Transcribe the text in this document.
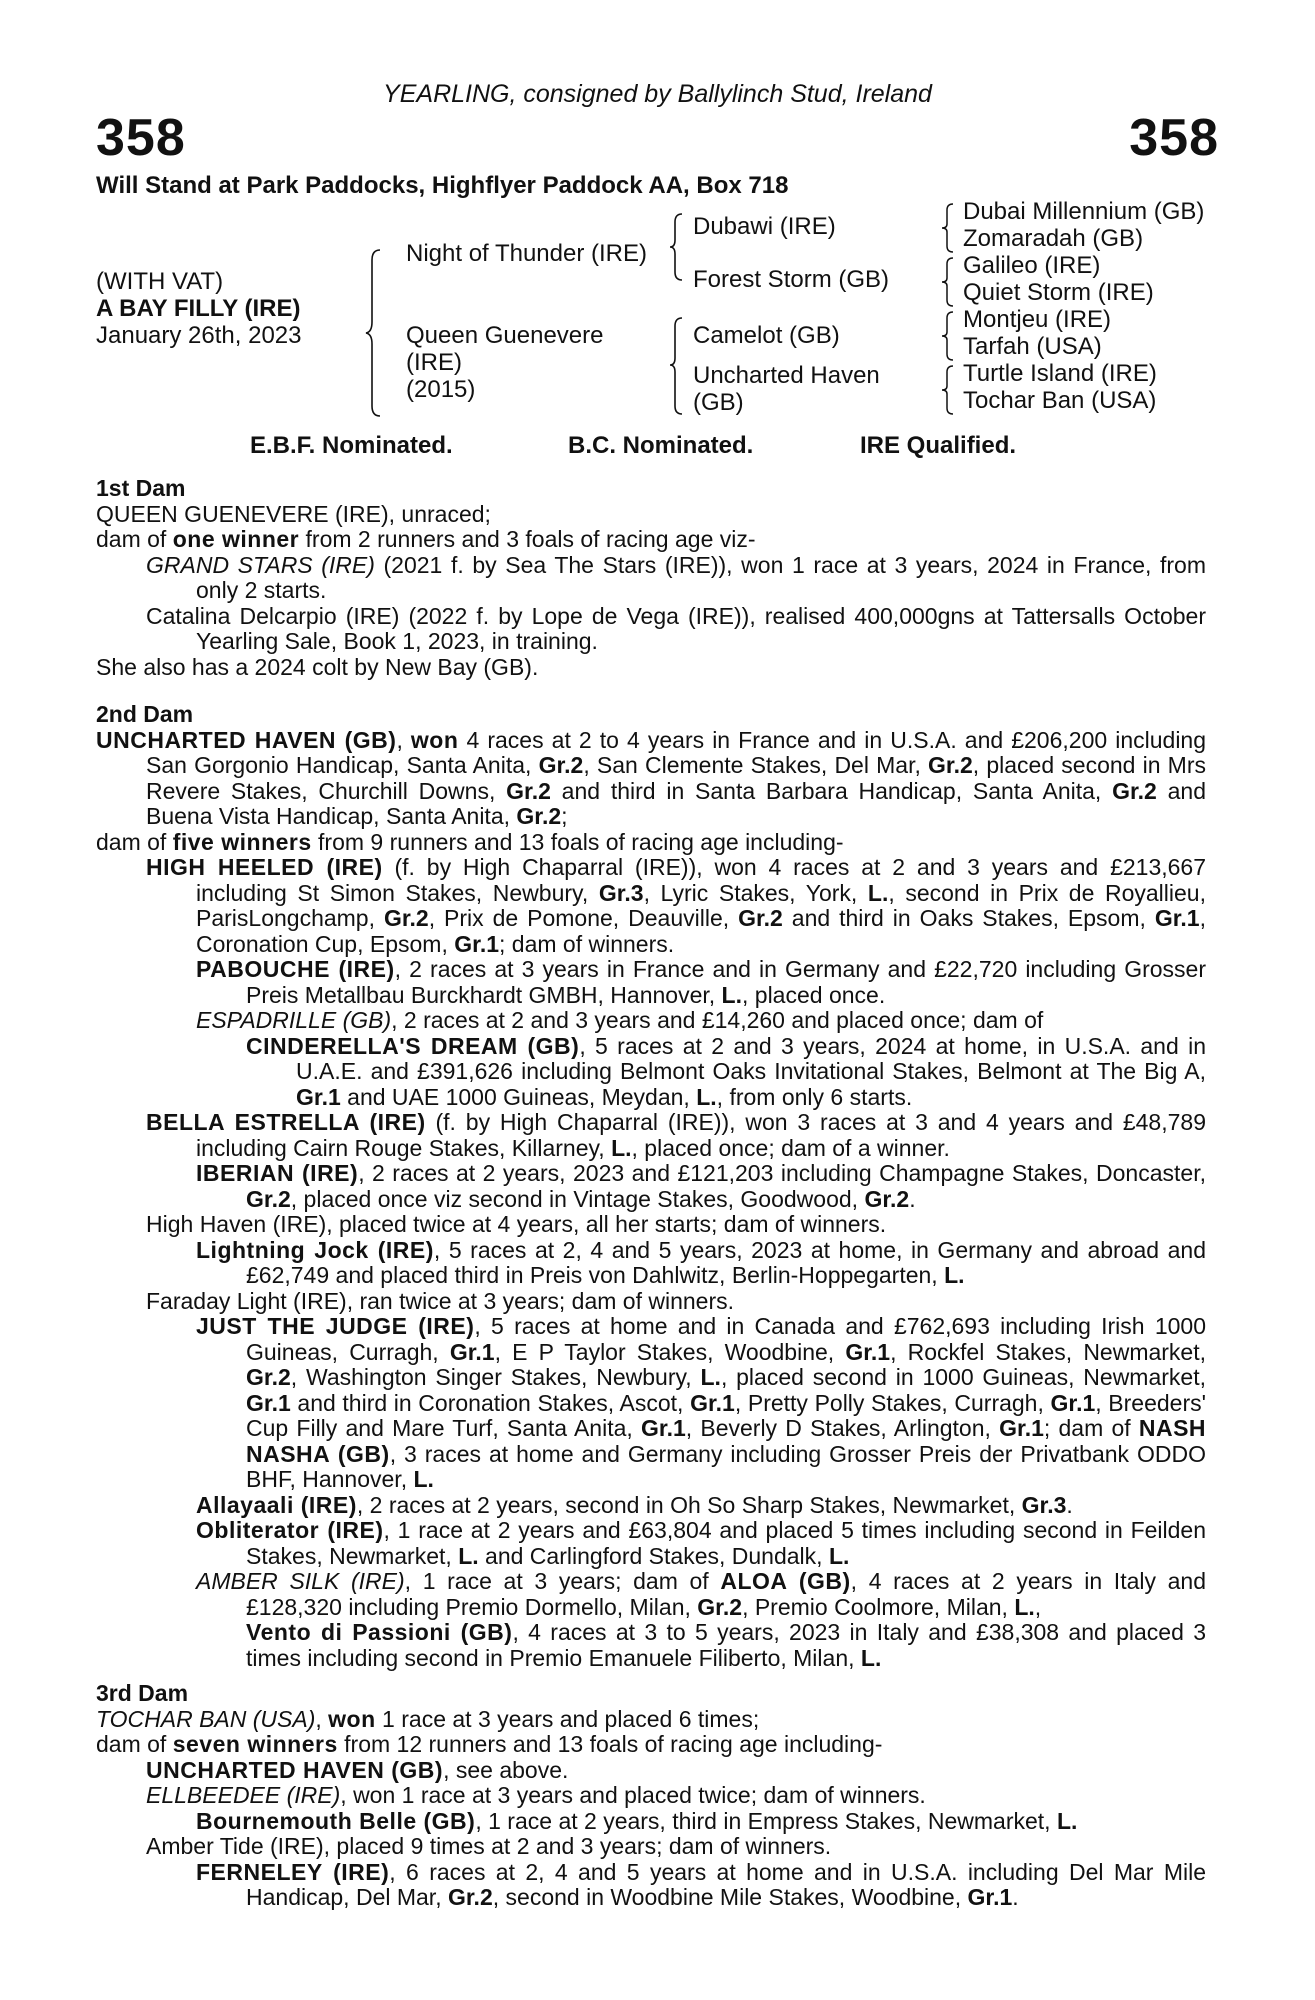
YEARLING, consigned by Ballylinch Stud, Ireland
358	358
Will Stand at Park Paddocks, Highflyer Paddock AA, Box 718
(WITH VAT)
A BAY FILLY (IRE)
January 26th, 2023
Night of Thunder (IRE)
Queen Guenevere
(IRE)
(2015)
Dubawi (IRE)
Forest Storm (GB)
Camelot (GB)
Uncharted Haven
(GB)
Dubai Millennium (GB)
Zomaradah (GB)
Galileo (IRE)
Quiet Storm (IRE)
Montjeu (IRE)
Tarfah (USA)
Turtle Island (IRE)
Tochar Ban (USA)
E.B.F. Nominated.	B.C. Nominated.	IRE Qualified.
1st Dam
QUEEN GUENEVERE (IRE), unraced;
dam of one winner from 2 runners and 3 foals of racing age viz-
GRAND STARS (IRE) (2021 f. by Sea The Stars (IRE)), won 1 race at 3 years, 2024 in France, from only 2 starts.
Catalina Delcarpio (IRE) (2022 f. by Lope de Vega (IRE)), realised 400,000gns at Tattersalls October Yearling Sale, Book 1, 2023, in training.
She also has a 2024 colt by New Bay (GB).
2nd Dam
UNCHARTED HAVEN (GB), won 4 races at 2 to 4 years in France and in U.S.A. and £206,200 including San Gorgonio Handicap, Santa Anita, Gr.2, San Clemente Stakes, Del Mar, Gr.2, placed second in Mrs Revere Stakes, Churchill Downs, Gr.2 and third in Santa Barbara Handicap, Santa Anita, Gr.2 and Buena Vista Handicap, Santa Anita, Gr.2;
dam of five winners from 9 runners and 13 foals of racing age including-
HIGH HEELED (IRE) (f. by High Chaparral (IRE)), won 4 races at 2 and 3 years and £213,667 including St Simon Stakes, Newbury, Gr.3, Lyric Stakes, York, L., second in Prix de Royallieu, ParisLongchamp, Gr.2, Prix de Pomone, Deauville, Gr.2 and third in Oaks Stakes, Epsom, Gr.1, Coronation Cup, Epsom, Gr.1; dam of winners.
PABOUCHE (IRE), 2 races at 3 years in France and in Germany and £22,720 including Grosser Preis Metallbau Burckhardt GMBH, Hannover, L., placed once.
ESPADRILLE (GB), 2 races at 2 and 3 years and £14,260 and placed once; dam of
CINDERELLA'S DREAM (GB), 5 races at 2 and 3 years, 2024 at home, in U.S.A. and in U.A.E. and £391,626 including Belmont Oaks Invitational Stakes, Belmont at The Big A, Gr.1 and UAE 1000 Guineas, Meydan, L., from only 6 starts.
BELLA ESTRELLA (IRE) (f. by High Chaparral (IRE)), won 3 races at 3 and 4 years and £48,789 including Cairn Rouge Stakes, Killarney, L., placed once; dam of a winner.
IBERIAN (IRE), 2 races at 2 years, 2023 and £121,203 including Champagne Stakes, Doncaster, Gr.2, placed once viz second in Vintage Stakes, Goodwood, Gr.2.
High Haven (IRE), placed twice at 4 years, all her starts; dam of winners.
Lightning Jock (IRE), 5 races at 2, 4 and 5 years, 2023 at home, in Germany and abroad and £62,749 and placed third in Preis von Dahlwitz, Berlin-Hoppegarten, L.
Faraday Light (IRE), ran twice at 3 years; dam of winners.
JUST THE JUDGE (IRE), 5 races at home and in Canada and £762,693 including Irish 1000 Guineas, Curragh, Gr.1, E P Taylor Stakes, Woodbine, Gr.1, Rockfel Stakes, Newmarket, Gr.2, Washington Singer Stakes, Newbury, L., placed second in 1000 Guineas, Newmarket, Gr.1 and third in Coronation Stakes, Ascot, Gr.1, Pretty Polly Stakes, Curragh, Gr.1, Breeders' Cup Filly and Mare Turf, Santa Anita, Gr.1, Beverly D Stakes, Arlington, Gr.1; dam of NASH NASHA (GB), 3 races at home and Germany including Grosser Preis der Privatbank ODDO BHF, Hannover, L.
Allayaali (IRE), 2 races at 2 years, second in Oh So Sharp Stakes, Newmarket, Gr.3.
Obliterator (IRE), 1 race at 2 years and £63,804 and placed 5 times including second in Feilden Stakes, Newmarket, L. and Carlingford Stakes, Dundalk, L.
AMBER SILK (IRE), 1 race at 3 years; dam of ALOA (GB), 4 races at 2 years in Italy and £128,320 including Premio Dormello, Milan, Gr.2, Premio Coolmore, Milan, L.,
Vento di Passioni (GB), 4 races at 3 to 5 years, 2023 in Italy and £38,308 and placed 3 times including second in Premio Emanuele Filiberto, Milan, L.
3rd Dam
TOCHAR BAN (USA), won 1 race at 3 years and placed 6 times;
dam of seven winners from 12 runners and 13 foals of racing age including-
UNCHARTED HAVEN (GB), see above.
ELLBEEDEE (IRE), won 1 race at 3 years and placed twice; dam of winners.
Bournemouth Belle (GB), 1 race at 2 years, third in Empress Stakes, Newmarket, L.
Amber Tide (IRE), placed 9 times at 2 and 3 years; dam of winners.
FERNELEY (IRE), 6 races at 2, 4 and 5 years at home and in U.S.A. including Del Mar Mile Handicap, Del Mar, Gr.2, second in Woodbine Mile Stakes, Woodbine, Gr.1.
